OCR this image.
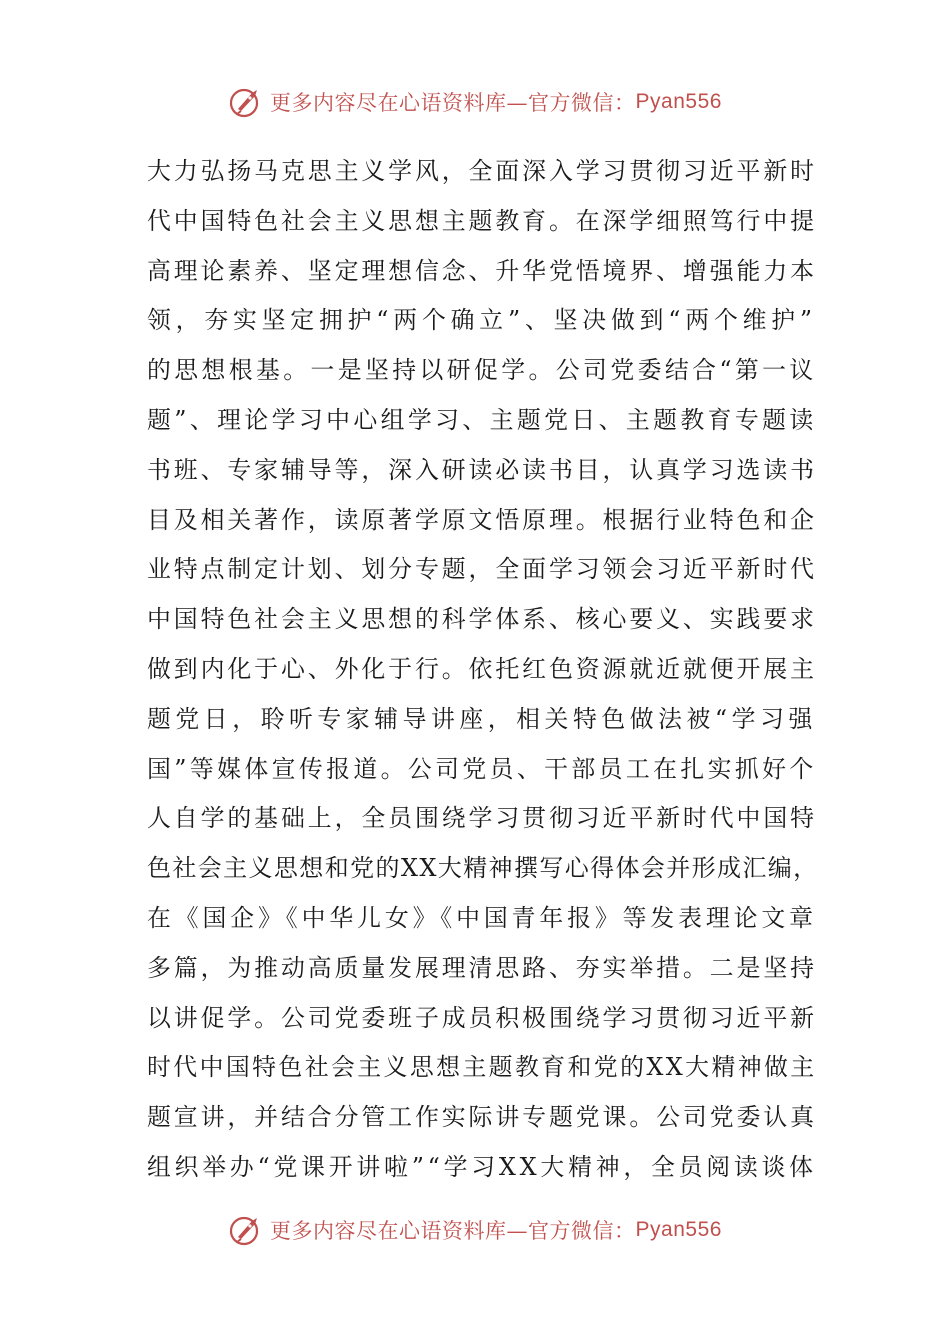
更多内容尽在心语资料库—官方微信： Pyan556
大力弘扬马克思主义学风，全面深入学习贯彻习近平新时
代中国特色社会主义思想主题教育。在深学细照笃行中提
高理论素养、坚定理想信念、升华党悟境界、增强能力本
领，夯实坚定拥护“两个确立”、坚决做到“两个维护”
的思想根基。一是坚持以研促学。公司党委结合“第一议
题”、理论学习中心组学习、主题党日、主题教育专题读
书班、专家辅导等，深入研读必读书目，认真学习选读书
目及相关著作，读原著学原文悟原理。根据行业特色和企
业特点制定计划、划分专题，全面学习领会习近平新时代
中国特色社会主义思想的科学体系、核心要义、实践要求
做到内化于心、外化于行。依托红色资源就近就便开展主
题党日，聆听专家辅导讲座，相关特色做法被“学习强
国”等媒体宣传报道。公司党员、干部员工在扎实抓好个
人自学的基础上，全员围绕学习贯彻习近平新时代中国特
色社会主义思想和党的XX大精神撰写心得体会并形成汇编，
在《国企》《中华儿女》《中国青年报》等发表理论文章
多篇，为推动高质量发展理清思路、夯实举措。二是坚持
以讲促学。公司党委班子成员积极围绕学习贯彻习近平新
时代中国特色社会主义思想主题教育和党的XX大精神做主
题宣讲，并结合分管工作实际讲专题党课。公司党委认真
组织举办“党课开讲啦”“学习XX大精神，全员阅读谈体
更多内容尽在心语资料库—官方微信： Pyan556
